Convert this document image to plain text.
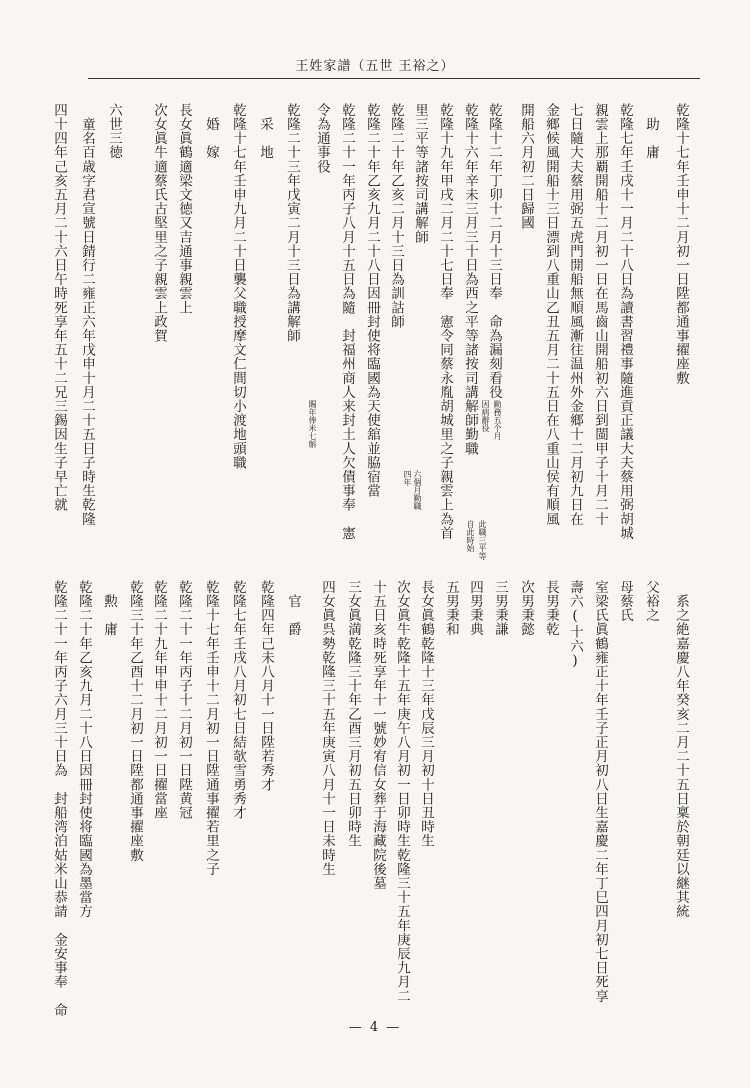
王姓家譜（五世 王裕之）
乾隆十七年壬申十二月初一日陞都通事擢座敷
　助　庸
乾隆七年壬戌十一月二十八日為讀書習禮事隨進貢正議大夫蔡用弼胡城
親雲上那覇開船十二月初一日在馬齒山開船初六日到閩甲子十月二十
七日隨大夫蔡用弼五虎門開船無順風漸往温州外金鄉十二月初九日在
金鄉候風開船十三日漂到八重山乙丑五月二十五日在八重山侯有順風
開船六月初二日歸國
乾隆十二年丁卯十二月十三日奉　命為漏刻看役
乾隆十六年辛未三月三十日為西之平等諸按司講解師勤職
乾隆十九年甲戌二月二十七日奉　憲令同蔡永胤胡城里之子親雲上為首
里三平等諸按司講解師
乾隆二十年乙亥二月十三日為訓詁師
乾隆二十年乙亥九月二十八日因冊封使将臨國為天使舘並脇宿當
乾隆二十一年丙子八月十五日為隨　封福州商人来封土人欠債事奉　憲
令為通事役
乾隆二十三年戊寅二月十三日為講解師
　采　地
乾隆十七年壬申九月二十日襲父職授摩文仁間切小渡地頭職
　婚　嫁
長女眞鶴適梁文徳又吉通事親雲上
次女眞牛適蔡氏古堅里之子親雲上政賀
六世三徳
　童名百歳字君宣號日錆行二雍正六年戊申十月二十五日子時生乾隆
四十四年己亥五月二十六日午時死享年五十二兄三錫因生子早亡就	勤務五个月
因病辭役
此職三平等
自此時始
六個月勤職
四年
賜年俸米七斛
　系之絶嘉慶八年癸亥二月二十五日稟於朝廷以継其統
父裕之
母蔡氏
室梁氏眞鶴雍正十年壬子正月初八日生嘉慶二年丁巳四月初七日死享
壽六(十六)
長男秉乾
次男秉懿
三男秉謙
四男秉典
五男秉和
長女眞鶴乾隆十三年戊辰三月初十日丑時生
次女眞牛乾隆十五年庚午八月初一日卯時生乾隆三十五年庚辰九月二
十五日亥時死享年十一號妙宥信女葬于海藏院後墓
三女眞満乾隆三十年乙酉三月初五日卯時生
四女眞呉勢乾隆三十五年庚寅八月十一日未時生
　官　爵
乾隆四年己未八月十一日陞若秀才
乾隆七年壬戌八月初七日結欹雪勇秀才
乾隆十七年壬申十二月初一日陞通事擢若里之子
乾隆二十一年丙子十二月初一日陞黄冠
乾隆二十九年甲申十二月初一日擢當座
乾隆三十年乙酉十二月初一日陞都通事擢座敷
　勲　庸
乾隆二十年乙亥九月二十八日因冊封使将臨國為墨當方
乾隆二十一年丙子六月三十日為　封船湾泊姑米山恭請　金安事奉　命
— 4 —
